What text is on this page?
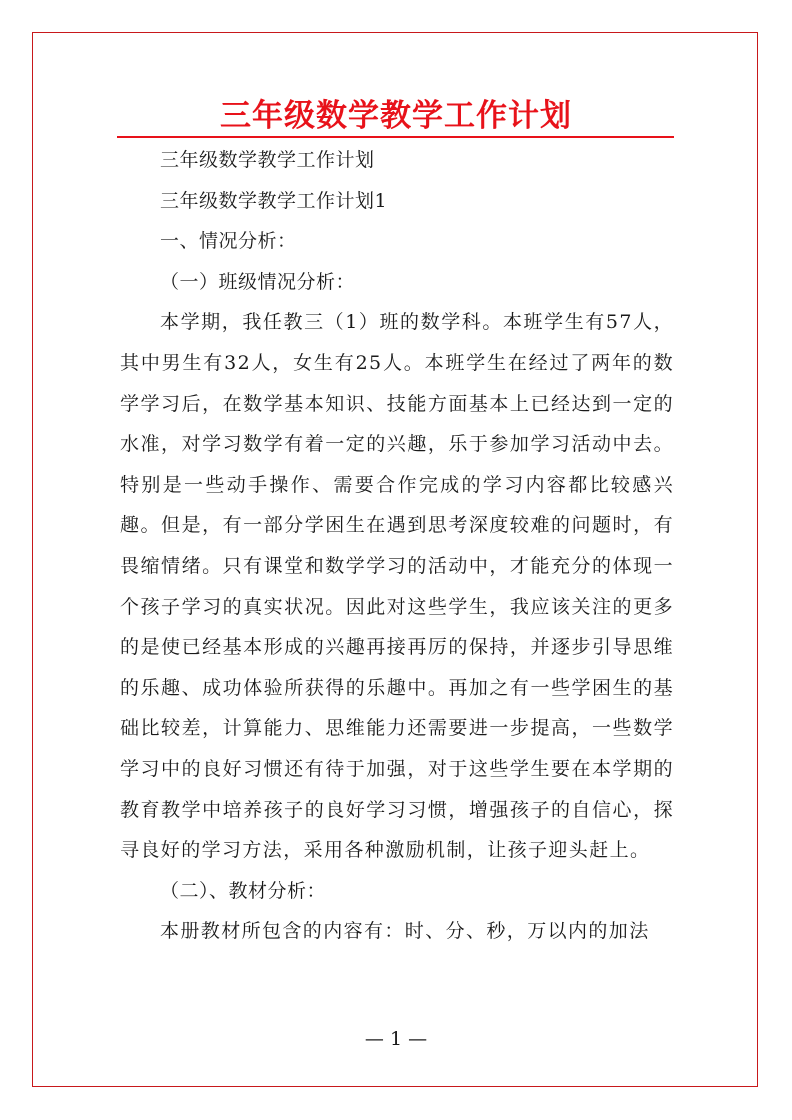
三年级数学教学工作计划

三年级数学教学工作计划

三年级数学教学工作计划1

一、情况分析：

（一）班级情况分析：

本学期，我任教三（1）班的数学科。本班学生有57人，其中男生有32人，女生有25人。本班学生在经过了两年的数学学习后，在数学基本知识、技能方面基本上已经达到一定的水准，对学习数学有着一定的兴趣，乐于参加学习活动中去。特别是一些动手操作、需要合作完成的学习内容都比较感兴趣。但是，有一部分学困生在遇到思考深度较难的问题时，有畏缩情绪。只有课堂和数学学习的活动中，才能充分的体现一个孩子学习的真实状况。因此对这些学生，我应该关注的更多的是使已经基本形成的兴趣再接再厉的保持，并逐步引导思维的乐趣、成功体验所获得的乐趣中。再加之有一些学困生的基础比较差，计算能力、思维能力还需要进一步提高，一些数学学习中的良好习惯还有待于加强，对于这些学生要在本学期的教育教学中培养孩子的良好学习习惯，增强孩子的自信心，探寻良好的学习方法，采用各种激励机制，让孩子迎头赶上。

（二）、教材分析：

本册教材所包含的内容有：时、分、秒，万以内的加法

— 1 —
